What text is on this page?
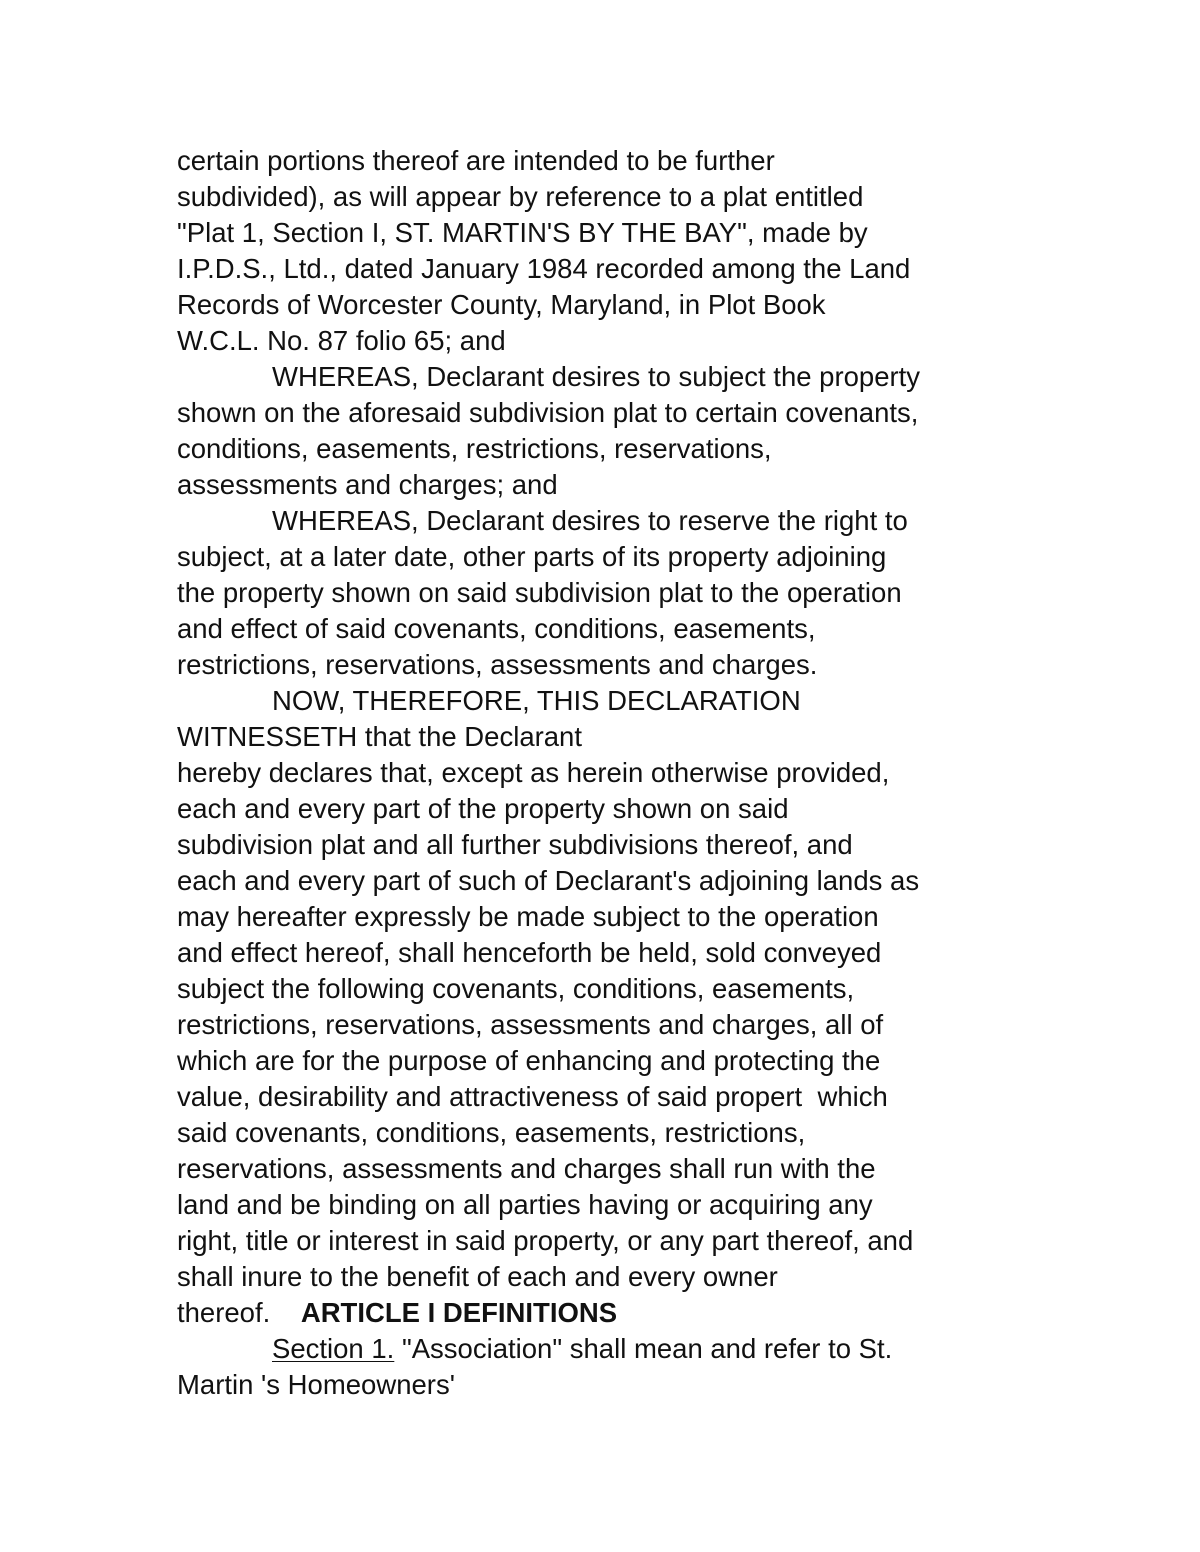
certain portions thereof are intended to be further
subdivided), as will appear by reference to a plat entitled
"Plat 1, Section I, ST. MARTIN'S BY THE BAY", made by
I.P.D.S., Ltd., dated January 1984 recorded among the Land
Records of Worcester County, Maryland, in Plot Book
W.C.L. No. 87 folio 65; and
WHEREAS, Declarant desires to subject the property
shown on the aforesaid subdivision plat to certain covenants,
conditions, easements, restrictions, reservations,
assessments and charges; and
WHEREAS, Declarant desires to reserve the right to
subject, at a later date, other parts of its property adjoining
the property shown on said subdivision plat to the operation
and effect of said covenants, conditions, easements,
restrictions, reservations, assessments and charges.
NOW, THEREFORE, THIS DECLARATION
WITNESSETH that the Declarant
hereby declares that, except as herein otherwise provided,
each and every part of the property shown on said
subdivision plat and all further subdivisions thereof, and
each and every part of such of Declarant's adjoining lands as
may hereafter expressly be made subject to the operation
and effect hereof, shall henceforth be held, sold conveyed
subject the following covenants, conditions, easements,
restrictions, reservations, assessments and charges, all of
which are for the purpose of enhancing and protecting the
value, desirability and attractiveness of said propert  which
said covenants, conditions, easements, restrictions,
reservations, assessments and charges shall run with the
land and be binding on all parties having or acquiring any
right, title or interest in said property, or any part thereof, and
shall inure to the benefit of each and every owner
thereof.    ARTICLE I DEFINITIONS
Section 1. "Association" shall mean and refer to St.
Martin 's Homeowners'
